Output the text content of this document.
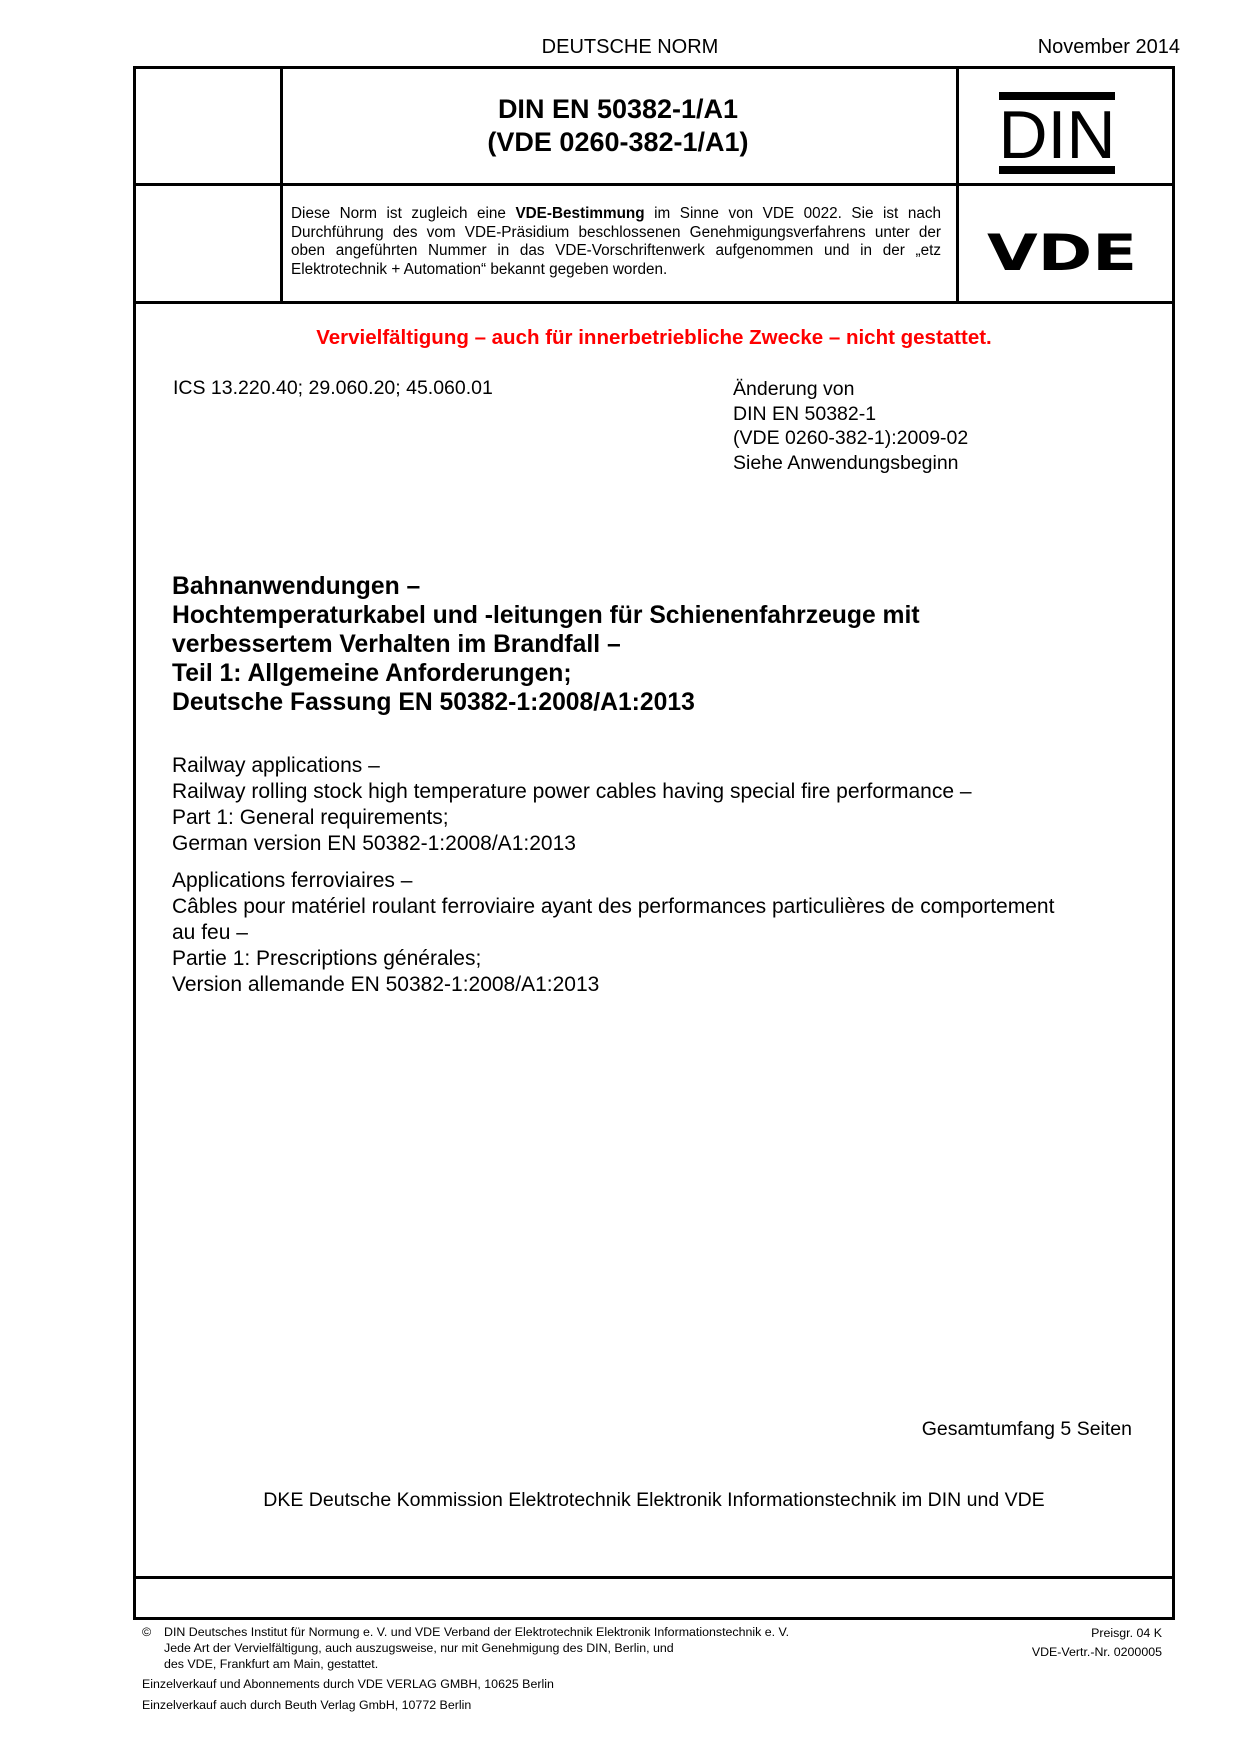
DEUTSCHE NORM	November 2014
DIN EN 50382-1/A1
(VDE 0260-382-1/A1)	DIN
Diese Norm ist zugleich eine VDE-Bestimmung im Sinne von VDE 0022. Sie ist nach Durchführung des vom VDE-Präsidium beschlossenen Genehmigungsverfahrens unter der oben angeführten Nummer in das VDE-Vorschriftenwerk aufgenommen und in der „etz Elektrotechnik + Automation“ bekannt gegeben worden.	VDE
Vervielfältigung – auch für innerbetriebliche Zwecke – nicht gestattet.
ICS 13.220.40; 29.060.20; 45.060.01	Änderung von
DIN EN 50382-1
(VDE 0260-382-1):2009-02
Siehe Anwendungsbeginn
Bahnanwendungen –
Hochtemperaturkabel und -leitungen für Schienenfahrzeuge mit
verbessertem Verhalten im Brandfall –
Teil 1: Allgemeine Anforderungen;
Deutsche Fassung EN 50382-1:2008/A1:2013
Railway applications –
Railway rolling stock high temperature power cables having special fire performance –
Part 1: General requirements;
German version EN 50382-1:2008/A1:2013
Applications ferroviaires –
Câbles pour matériel roulant ferroviaire ayant des performances particulières de comportement
au feu –
Partie 1: Prescriptions générales;
Version allemande EN 50382-1:2008/A1:2013
Gesamtumfang 5 Seiten
DKE Deutsche Kommission Elektrotechnik Elektronik Informationstechnik im DIN und VDE
© DIN Deutsches Institut für Normung e. V. und VDE Verband der Elektrotechnik Elektronik Informationstechnik e. V.
Jede Art der Vervielfältigung, auch auszugsweise, nur mit Genehmigung des DIN, Berlin, und
des VDE, Frankfurt am Main, gestattet.
Preisgr. 04 K
VDE-Vertr.-Nr. 0200005
Einzelverkauf und Abonnements durch VDE VERLAG GMBH, 10625 Berlin
Einzelverkauf auch durch Beuth Verlag GmbH, 10772 Berlin
